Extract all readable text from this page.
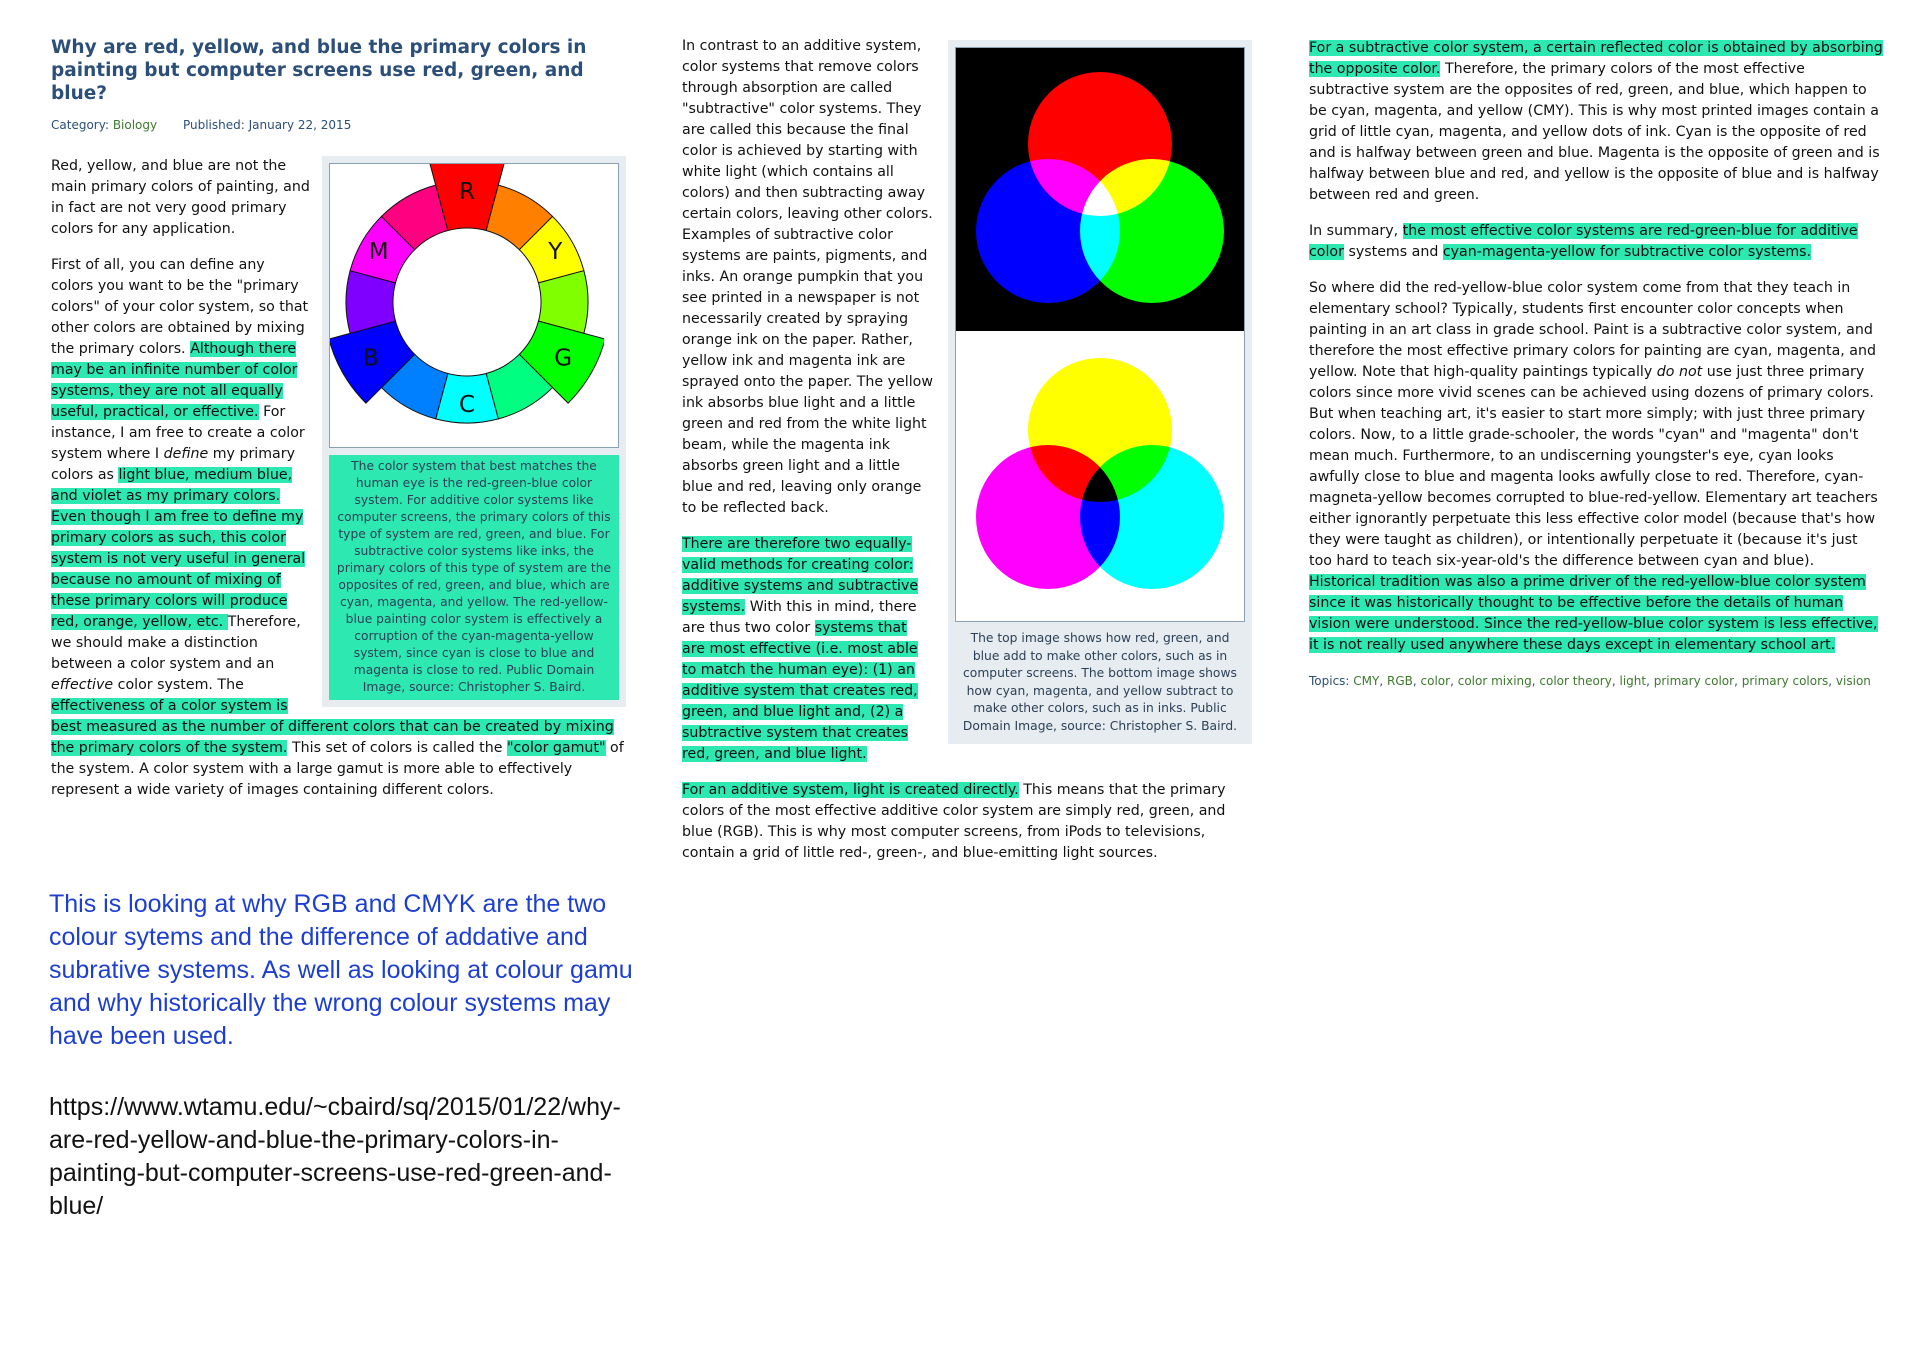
Why are red, yellow, and blue the primary colors in painting but computer screens use red, green, and blue?
Category: Biology Published: January 22, 2015
R
Y
G
C
B
M
The color system that best matches the human eye is the red-green-blue color system. For additive color systems like computer screens, the primary colors of this type of system are red, green, and blue. For subtractive color systems like inks, the primary colors of this type of system are the opposites of red, green, and blue, which are cyan, magenta, and yellow. The red-yellow-blue painting color system is effectively a corruption of the cyan-magenta-yellow system, since cyan is close to blue and magenta is close to red. Public Domain Image, source: Christopher S. Baird.

Red, yellow, and blue are not the main primary colors of painting, and in fact are not very good primary colors for any application.

First of all, you can define any colors you want to be the "primary colors" of your color system, so that other colors are obtained by mixing the primary colors. Although there may be an infinite number of color systems, they are not all equally useful, practical, or effective. For instance, I am free to create a color system where I define my primary colors as light blue, medium blue, and violet as my primary colors. Even though I am free to define my primary colors as such, this color system is not very useful in general because no amount of mixing of these primary colors will produce red, orange, yellow, etc. Therefore, we should make a distinction between a color system and an effective color system. The effectiveness of a color system is best measured as the number of different colors that can be created by mixing the primary colors of the system. This set of colors is called the "color gamut" of the system. A color system with a large gamut is more able to effectively represent a wide variety of images containing different colors.

The top image shows how red, green, and blue add to make other colors, such as in computer screens. The bottom image shows how cyan, magenta, and yellow subtract to make other colors, such as in inks. Public Domain Image, source: Christopher S. Baird.

In contrast to an additive system, color systems that remove colors through absorption are called "subtractive" color systems. They are called this because the final color is achieved by starting with white light (which contains all colors) and then subtracting away certain colors, leaving other colors. Examples of subtractive color systems are paints, pigments, and inks. An orange pumpkin that you see printed in a newspaper is not necessarily created by spraying orange ink on the paper. Rather, yellow ink and magenta ink are sprayed onto the paper. The yellow ink absorbs blue light and a little green and red from the white light beam, while the magenta ink absorbs green light and a little blue and red, leaving only orange to be reflected back.

There are therefore two equally-valid methods for creating color: additive systems and subtractive systems. With this in mind, there are thus two color systems that are most effective (i.e. most able to match the human eye): (1) an additive system that creates red, green, and blue light and, (2) a subtractive system that creates red, green, and blue light.

For an additive system, light is created directly. This means that the primary colors of the most effective additive color system are simply red, green, and blue (RGB). This is why most computer screens, from iPods to televisions, contain a grid of little red-, green-, and blue-emitting light sources.

For a subtractive color system, a certain reflected color is obtained by absorbing the opposite color. Therefore, the primary colors of the most effective subtractive system are the opposites of red, green, and blue, which happen to be cyan, magenta, and yellow (CMY). This is why most printed images contain a grid of little cyan, magenta, and yellow dots of ink. Cyan is the opposite of red and is halfway between green and blue. Magenta is the opposite of green and is halfway between blue and red, and yellow is the opposite of blue and is halfway between red and green.

In summary, the most effective color systems are red-green-blue for additive color systems and cyan-magenta-yellow for subtractive color systems.

So where did the red-yellow-blue color system come from that they teach in elementary school? Typically, students first encounter color concepts when painting in an art class in grade school. Paint is a subtractive color system, and therefore the most effective primary colors for painting are cyan, magenta, and yellow. Note that high-quality paintings typically do not use just three primary colors since more vivid scenes can be achieved using dozens of primary colors. But when teaching art, it's easier to start more simply; with just three primary colors. Now, to a little grade-schooler, the words "cyan" and "magenta" don't mean much. Furthermore, to an undiscerning youngster's eye, cyan looks awfully close to blue and magenta looks awfully close to red. Therefore, cyan-magneta-yellow becomes corrupted to blue-red-yellow. Elementary art teachers either ignorantly perpetuate this less effective color model (because that's how they were taught as children), or intentionally perpetuate it (because it's just too hard to teach six-year-old's the difference between cyan and blue). Historical tradition was also a prime driver of the red-yellow-blue color system since it was historically thought to be effective before the details of human vision were understood. Since the red-yellow-blue color system is less effective, it is not really used anywhere these days except in elementary school art.

Topics: CMY, RGB, color, color mixing, color theory, light, primary color, primary colors, vision

This is looking at why RGB and CMYK are the two colour sytems and the difference of addative and subrative systems. As well as looking at colour gamu and why historically the wrong colour systems may have been used.

https://www.wtamu.edu/~cbaird/sq/2015/01/22/why-are-red-yellow-and-blue-the-primary-colors-in-painting-but-computer-screens-use-red-green-and-blue/
